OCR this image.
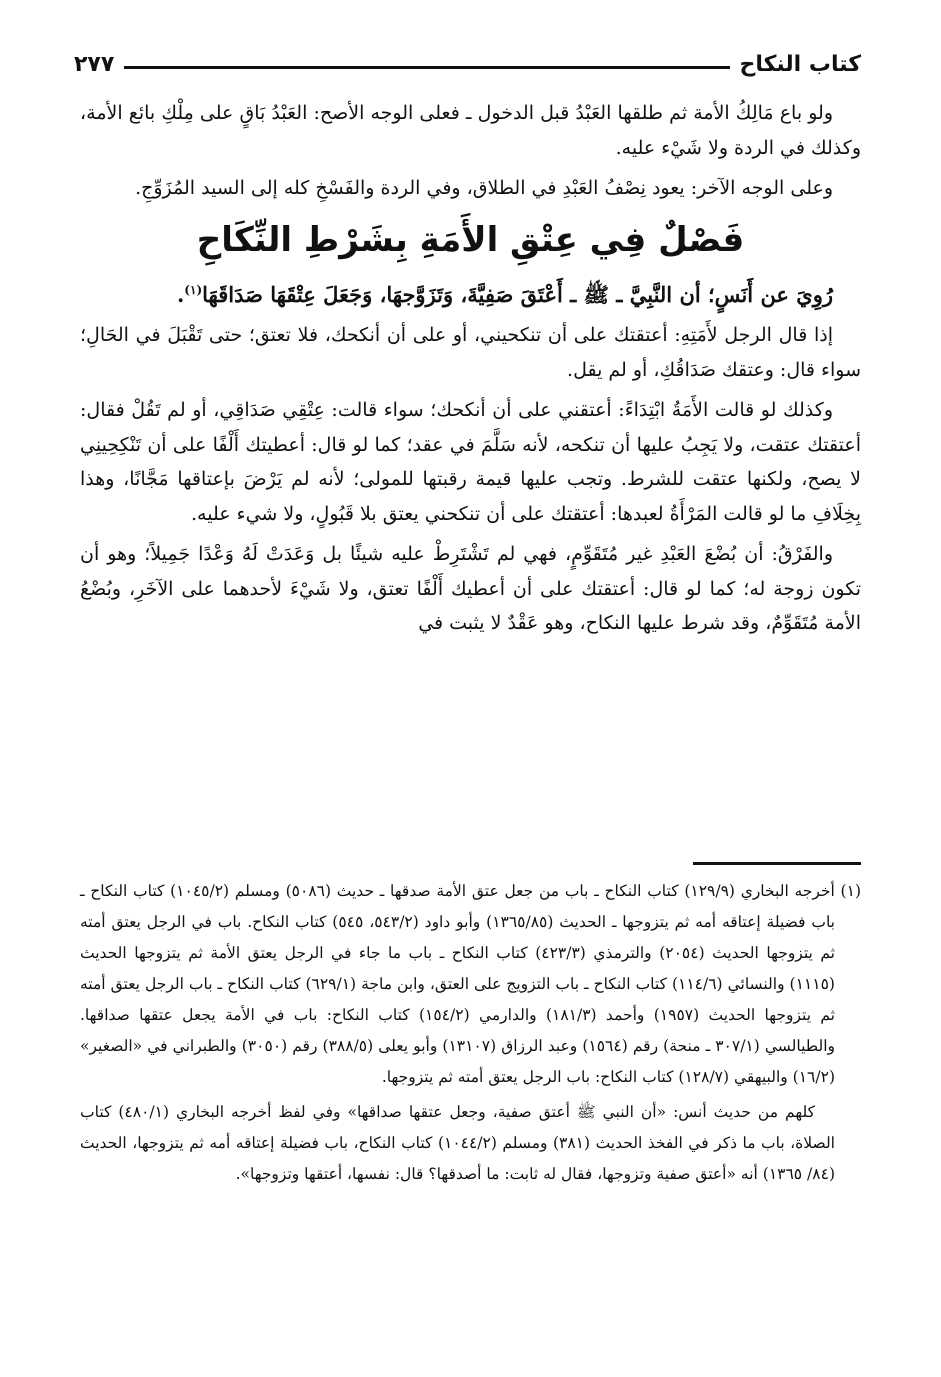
كتاب النكاح
٢٧٧

ولو باع مَالِكُ الأمة ثم طلقها العَبْدُ قبل الدخول ـ فعلى الوجه الأصح: العَبْدُ بَاقٍ على مِلْكِ بائع الأمة، وكذلك في الردة ولا شَيْء عليه.

وعلى الوجه الآخر: يعود نِصْفُ العَبْدِ في الطلاق، وفي الردة والفَسْخِ كله إلى السيد المُزَوِّجِ.

فَصْلٌ فِي عِتْقِ الأَمَةِ بِشَرْطِ النِّكَاحِ

رُوِيَ عن أَنَسٍ؛ أن النَّبِيَّ ـ ﷺ ـ أَعْتَقَ صَفِيَّةَ، وَتَزَوَّجهَا، وَجَعَلَ عِتْقَهَا صَدَاقَهَا$^{(١)}$.

إذا قال الرجل لأَمَتِهِ: أعتقتك على أن تنكحيني، أو على أن أنكحك، فلا تعتق؛ حتى تَقْبَلَ في الحَالِ؛ سواء قال: وعتقك صَدَاقُكِ، أو لم يقل.

وكذلك لو قالت الأَمَةُ ابْتِدَاءً: أعتقني على أن أنكحك؛ سواء قالت: عِتْقِي صَدَاقِي، أو لم تَقُلْ فقال: أعتقتك عتقت، ولا يَجِبُ عليها أن تنكحه، لأنه سَلَّمَ في عقد؛ كما لو قال: أعطيتك أَلْفًا على أن تَنْكِحِينِي لا يصح، ولكنها عتقت للشرط. وتجب عليها قيمة رقبتها للمولى؛ لأنه لم يَرْضَ بإعتاقها مَجَّانًا، وهذا بِخِلَافِ ما لو قالت المَرْأَةُ لعبدها: أعتقتك على أن تنكحني يعتق بلا قَبُولٍ، ولا شيء عليه.

والفَرْقُ: أن بُضْعَ العَبْدِ غير مُتَقَوِّمٍ، فهي لم تَشْتَرِطْ عليه شيئًا بل وَعَدَتْ لَهُ وَعْدًا جَمِيلاً؛ وهو أن تكون زوجة له؛ كما لو قال: أعتقتك على أن أعطيك أَلْفًا تعتق، ولا شَيْءَ لأحدهما على الآخَرِ، وبُضْعُ الأمة مُتَقَوِّمٌ، وقد شرط عليها النكاح، وهو عَقْدٌ لا يثبت في

(١) أخرجه البخاري (١٢٩/٩) كتاب النكاح ـ باب من جعل عتق الأمة صدقها ـ حديث (٥٠٨٦) ومسلم (١٠٤٥/٢) كتاب النكاح ـ باب فضيلة إعتاقه أمه ثم يتزوجها ـ الحديث (١٣٦٥/٨٥) وأبو داود (٥٤٣/٢، ٥٤٥) كتاب النكاح. باب في الرجل يعتق أمته ثم يتزوجها الحديث (٢٠٥٤) والترمذي (٤٢٣/٣) كتاب النكاح ـ باب ما جاء في الرجل يعتق الأمة ثم يتزوجها الحديث (١١١٥) والنسائي (١١٤/٦) كتاب النكاح ـ باب التزويج على العتق، وابن ماجة (٦٢٩/١) كتاب النكاح ـ باب الرجل يعتق أمته ثم يتزوجها الحديث (١٩٥٧) وأحمد (١٨١/٣) والدارمي (١٥٤/٢) كتاب النكاح: باب في الأمة يجعل عتقها صداقها. والطيالسي (٣٠٧/١ ـ منحة) رقم (١٥٦٤) وعبد الرزاق (١٣١٠٧) وأبو يعلى (٣٨٨/٥) رقم (٣٠٥٠) والطبراني في «الصغير» (١٦/٢) والبيهقي (١٢٨/٧) كتاب النكاح: باب الرجل يعتق أمته ثم يتزوجها.

كلهم من حديث أنس: «أن النبي ﷺ أعتق صفية، وجعل عتقها صداقها» وفي لفظ أخرجه البخاري (٤٨٠/١) كتاب الصلاة، باب ما ذكر في الفخذ الحديث (٣٨١) ومسلم (١٠٤٤/٢) كتاب النكاح، باب فضيلة إعتاقه أمه ثم يتزوجها، الحديث (٨٤/ ١٣٦٥) أنه «أعتق صفية وتزوجها، فقال له ثابت: ما أصدقها؟ قال: نفسها، أعتقها وتزوجها».
